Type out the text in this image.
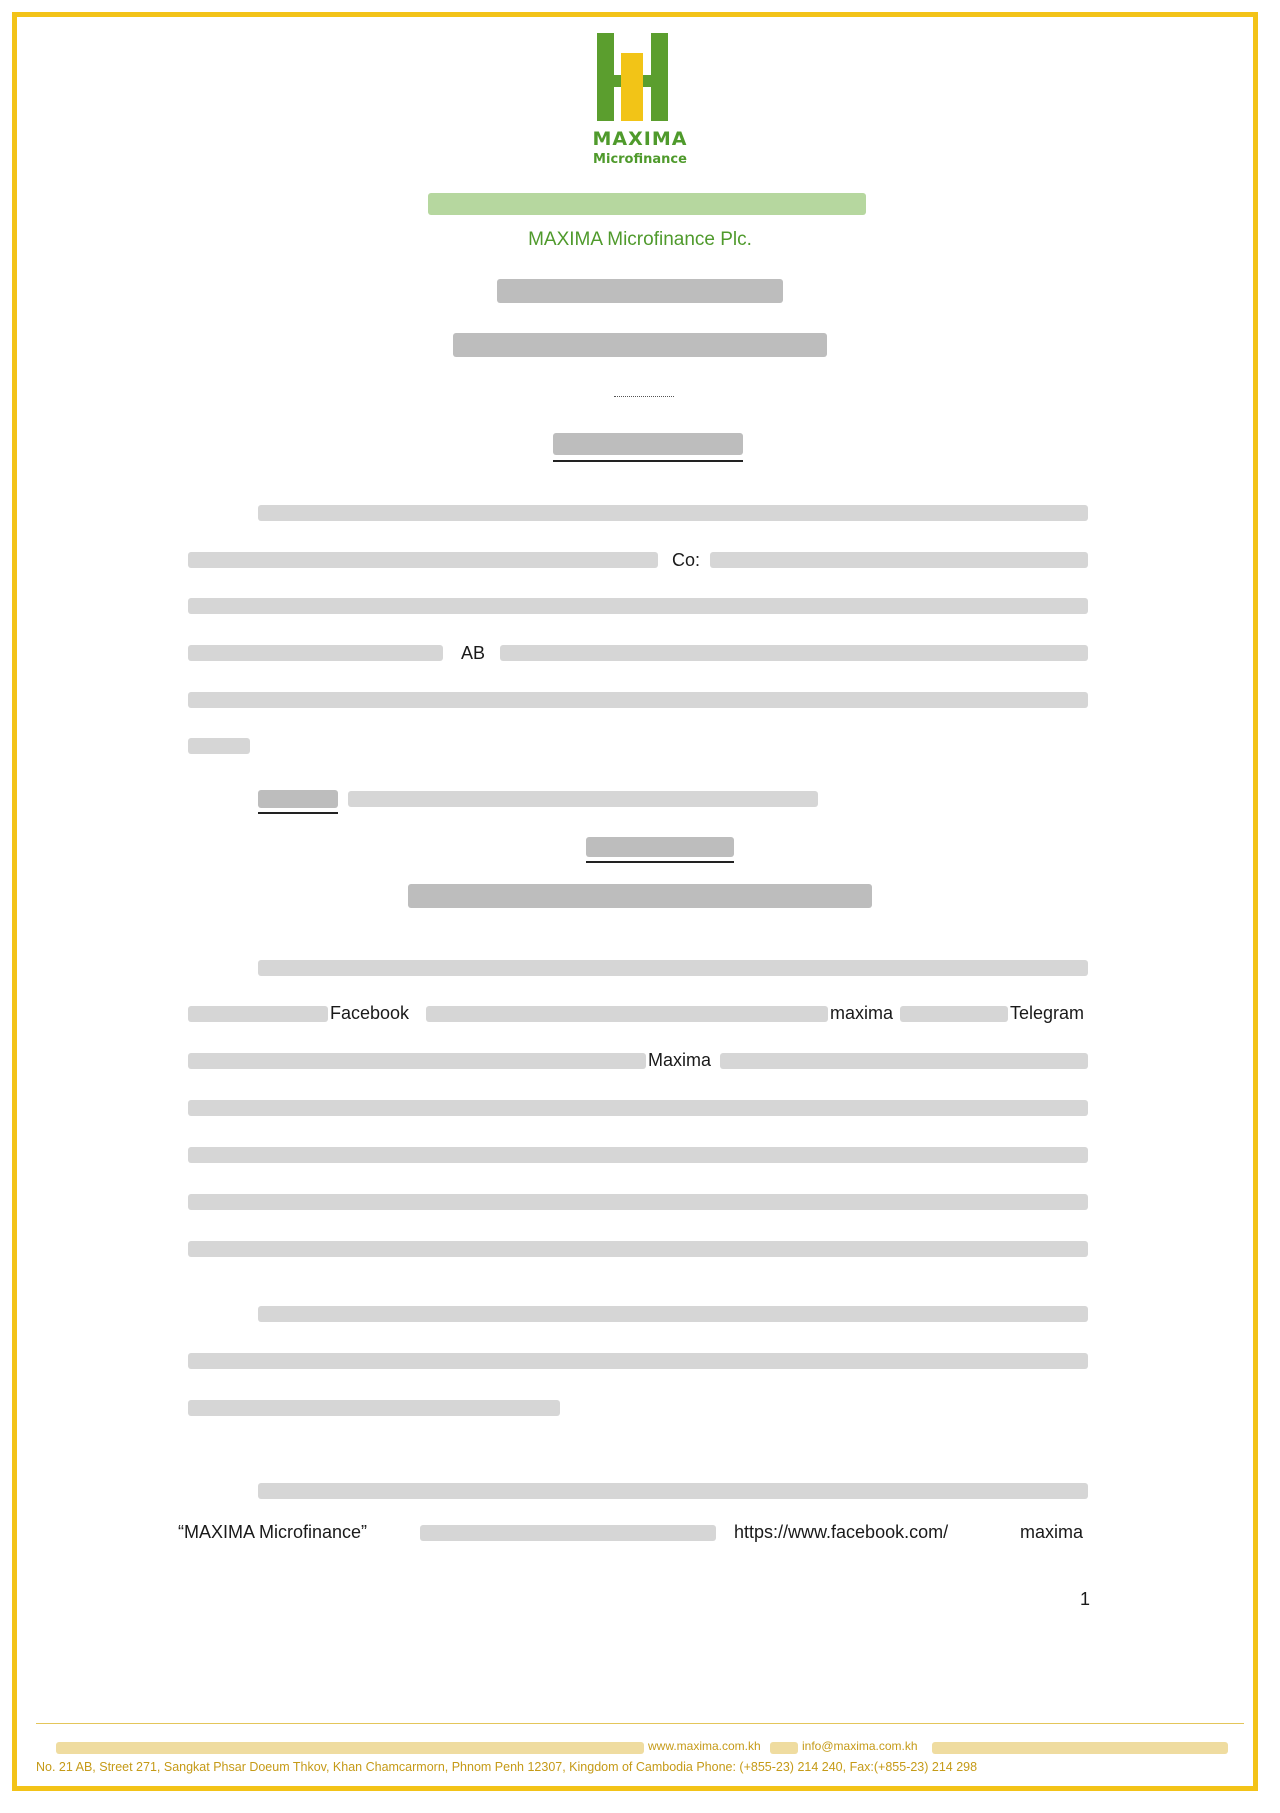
MAXIMA
Microfinance
MAXIMA Microfinance Plc.
Co:
AB
Facebook	maxima	Telegram
Maxima
“MAXIMA Microfinance”	https://www.facebook.com/	maxima
1
www.maxima.com.kh	info@maxima.com.kh
No. 21 AB, Street 271, Sangkat Phsar Doeum Thkov, Khan Chamcarmorn, Phnom Penh 12307, Kingdom of Cambodia Phone: (+855-23) 214 240, Fax:(+855-23) 214 298
